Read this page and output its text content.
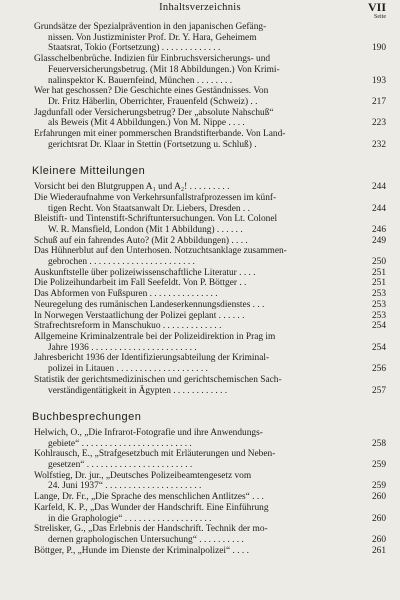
Inhaltsverzeichnis	VII
Seite
Grundsätze der Spezialprävention in den japanischen Gefäng-
nissen. Von Justizminister Prof. Dr. Y. Hara, Geheimem
Staatsrat, Tokio (Fortsetzung) . . . . . . . . . . . . .	190
Glasschelbenbrüche. Indizien für Einbruchsversicherungs- und
Feuerversicherungsbetrug. (Mit 18 Abbildungen.) Von Krimi-
nalinspektor K. Bauernfeind, München . . . . . . . .	193
Wer hat geschossen? Die Geschichte eines Geständnisses. Von
Dr. Fritz Häberlin, Oberrichter, Frauenfeld (Schweiz) . .	217
Jagdunfall oder Versicherungsbetrug? Der „absolute Nahschuß“
als Beweis (Mit 4 Abbildungen.) Von M. Nippe . . . .	223
Erfahrungen mit einer pommerschen Brandstifterbande. Von Land-
gerichtsrat Dr. Klaar in Stettin (Fortsetzung u. Schluß) .	232
Kleinere Mitteilungen
Vorsicht bei den Blutgruppen A₁ und A₂! . . . . . . . . .	244
Die Wiederaufnahme von Verkehrsunfallstrafprozessen im künf-
tigen Recht. Von Staatsanwalt Dr. Liebers, Dresden . .	244
Bleistift- und Tintenstift-Schriftuntersuchungen. Von Lt. Colonel
W. R. Mansfield, London (Mit 1 Abbildung) . . . . . .	246
Schuß auf ein fahrendes Auto? (Mit 2 Abbildungen) . . . .	249
Das Hühnerblut auf den Unterhosen. Notzuchtsanklage zusammen-
gebrochen . . . . . . . . . . . . . . . . . . . . . . .	250
Auskunftstelle über polizeiwissenschaftliche Literatur . . . .	251
Die Polizeihundarbeit im Fall Seefeldt. Von P. Böttger . .	251
Das Abformen von Fußspuren . . . . . . . . . . . . . . .	253
Neuregelung des rumänischen Landeserkennungsdienstes . . .	253
In Norwegen Verstaatlichung der Polizei geplant . . . . . .	253
Strafrechtsreform in Manschukuo . . . . . . . . . . . . .	254
Allgemeine Kriminalzentrale bei der Polizeidirektion in Prag im
Jahre 1936 . . . . . . . . . . . . . . . . . . . . . . .	254
Jahresbericht 1936 der Identifizierungsabteilung der Kriminal-
polizei in Litauen . . . . . . . . . . . . . . . . . . . .	256
Statistik der gerichtsmedizinischen und gerichtschemischen Sach-
verständigentätigkeit in Ägypten . . . . . . . . . . . .	257
Buchbesprechungen
Helwich, O., „Die Infrarot-Fotografie und ihre Anwendungs-
gebiete“ . . . . . . . . . . . . . . . . . . . . . . . .	258
Kohlrausch, E., „Strafgesetzbuch mit Erläuterungen und Neben-
gesetzen“ . . . . . . . . . . . . . . . . . . . . . . .	259
Wolfstieg, Dr. jur., „Deutsches Polizeibeamtengesetz vom
24. Juni 1937“ . . . . . . . . . . . . . . . . . . . . .	259
Lange, Dr. Fr., „Die Sprache des menschlichen Antlitzes“ . . .	260
Karfeld, K. P., „Das Wunder der Handschrift. Eine Einführung
in die Graphologie“ . . . . . . . . . . . . . . . . . . .	260
Strelisker, G., „Das Erlebnis der Handschrift. Technik der mo-
dernen graphologischen Untersuchung“ . . . . . . . . . .	260
Böttger, P., „Hunde im Dienste der Kriminalpolizei“ . . . .	261
